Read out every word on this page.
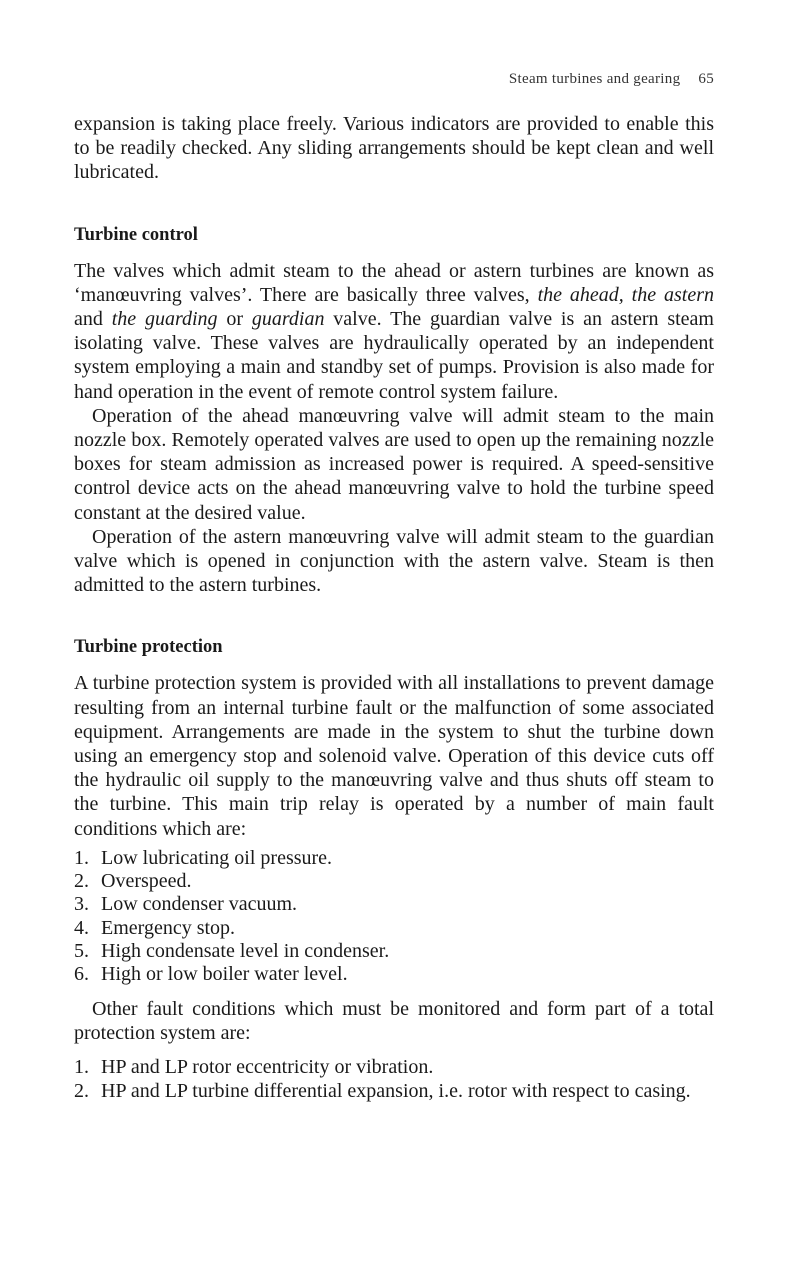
Steam turbines and gearing 65

expansion is taking place freely. Various indicators are provided to enable this to be readily checked. Any sliding arrangements should be kept clean and well lubricated.

Turbine control

The valves which admit steam to the ahead or astern turbines are known as ‘manœuvring valves’. There are basically three valves, the ahead, the astern and the guarding or guardian valve. The guardian valve is an astern steam isolating valve. These valves are hydraulically operated by an independent system employing a main and standby set of pumps. Provision is also made for hand operation in the event of remote control system failure.

Operation of the ahead manœuvring valve will admit steam to the main nozzle box. Remotely operated valves are used to open up the remaining nozzle boxes for steam admission as increased power is required. A speed-sensitive control device acts on the ahead manœuvring valve to hold the turbine speed constant at the desired value.

Operation of the astern manœuvring valve will admit steam to the guardian valve which is opened in conjunction with the astern valve. Steam is then admitted to the astern turbines.

Turbine protection

A turbine protection system is provided with all installations to prevent damage resulting from an internal turbine fault or the malfunction of some associated equipment. Arrangements are made in the system to shut the turbine down using an emergency stop and solenoid valve. Operation of this device cuts off the hydraulic oil supply to the manœuvring valve and thus shuts off steam to the turbine. This main trip relay is operated by a number of main fault conditions which are:

1. Low lubricating oil pressure.
2. Overspeed.
3. Low condenser vacuum.
4. Emergency stop.
5. High condensate level in condenser.
6. High or low boiler water level.

Other fault conditions which must be monitored and form part of a total protection system are:

1. HP and LP rotor eccentricity or vibration.
2. HP and LP turbine differential expansion, i.e. rotor with respect to casing.
